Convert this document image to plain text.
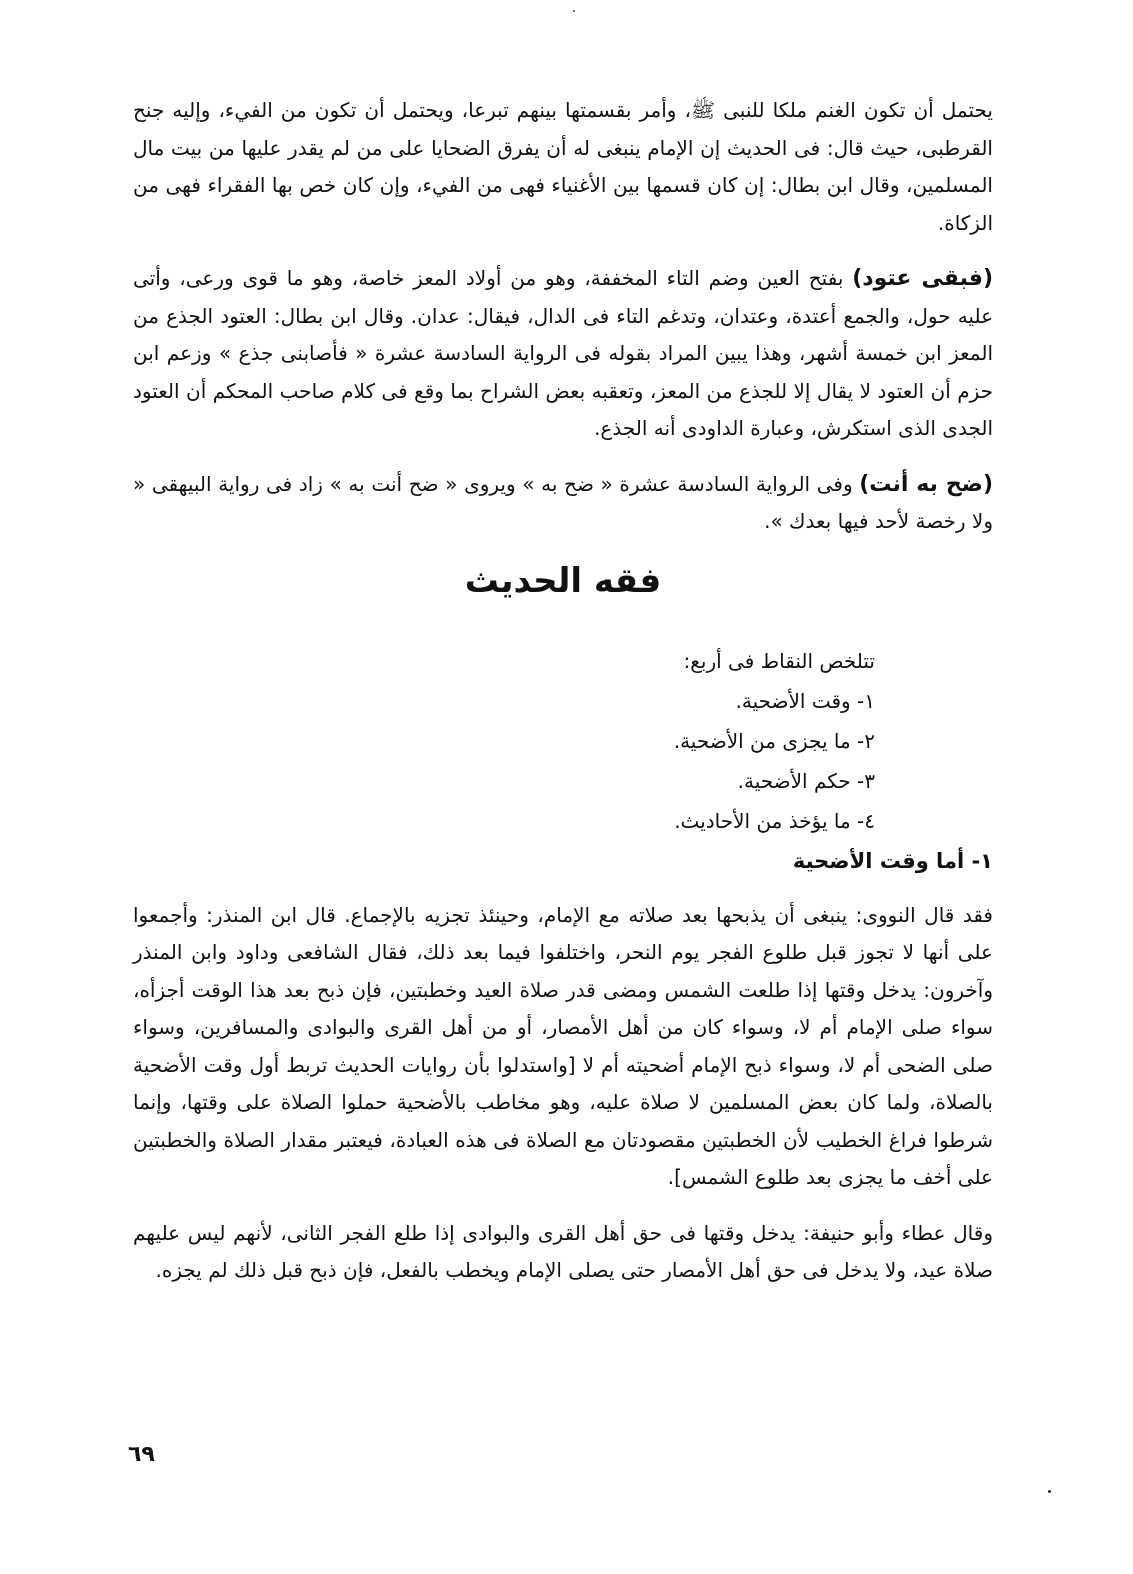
يحتمل أن تكون الغنم ملكا للنبى ﷺ، وأمر بقسمتها بينهم تبرعا، ويحتمل أن تكون من الفيء، وإليه جنح القرطبى، حيث قال: فى الحديث إن الإمام ينبغى له أن يفرق الضحايا على من لم يقدر عليها من بيت مال المسلمين، وقال ابن بطال: إن كان قسمها بين الأغنياء فهى من الفيء، وإن كان خص بها الفقراء فهى من الزكاة.

(فبقى عتود) بفتح العين وضم التاء المخففة، وهو من أولاد المعز خاصة، وهو ما قوى ورعى، وأتى عليه حول، والجمع أعتدة، وعتدان، وتدغم التاء فى الدال، فيقال: عدان. وقال ابن بطال: العتود الجذع من المعز ابن خمسة أشهر، وهذا يبين المراد بقوله فى الرواية السادسة عشرة « فأصابنى جذع » وزعم ابن حزم أن العتود لا يقال إلا للجذع من المعز، وتعقبه بعض الشراح بما وقع فى كلام صاحب المحكم أن العتود الجدى الذى استكرش، وعبارة الداودى أنه الجذع.

(ضح به أنت) وفى الرواية السادسة عشرة « ضح به » ويروى « ضح أنت به » زاد فى رواية البيهقى « ولا رخصة لأحد فيها بعدك ».

فقه الحديث

تتلخص النقاط فى أربع:

١- وقت الأضحية.
٢- ما يجزى من الأضحية.
٣- حكم الأضحية.
٤- ما يؤخذ من الأحاديث.
١- أما وقت الأضحية

فقد قال النووى: ينبغى أن يذبحها بعد صلاته مع الإمام، وحينئذ تجزيه بالإجماع. قال ابن المنذر: وأجمعوا على أنها لا تجوز قبل طلوع الفجر يوم النحر، واختلفوا فيما بعد ذلك، فقال الشافعى وداود وابن المنذر وآخرون: يدخل وقتها إذا طلعت الشمس ومضى قدر صلاة العيد وخطبتين، فإن ذبح بعد هذا الوقت أجزأه، سواء صلى الإمام أم لا، وسواء كان من أهل الأمصار، أو من أهل القرى والبوادى والمسافرين، وسواء صلى الضحى أم لا، وسواء ذبح الإمام أضحيته أم لا [واستدلوا بأن روايات الحديث تربط أول وقت الأضحية بالصلاة، ولما كان بعض المسلمين لا صلاة عليه، وهو مخاطب بالأضحية حملوا الصلاة على وقتها، وإنما شرطوا فراغ الخطيب لأن الخطبتين مقصودتان مع الصلاة فى هذه العبادة، فيعتبر مقدار الصلاة والخطبتين على أخف ما يجزى بعد طلوع الشمس].

وقال عطاء وأبو حنيفة: يدخل وقتها فى حق أهل القرى والبوادى إذا طلع الفجر الثانى، لأنهم ليس عليهم صلاة عيد، ولا يدخل فى حق أهل الأمصار حتى يصلى الإمام ويخطب بالفعل، فإن ذبح قبل ذلك لم يجزه.

٦٩
